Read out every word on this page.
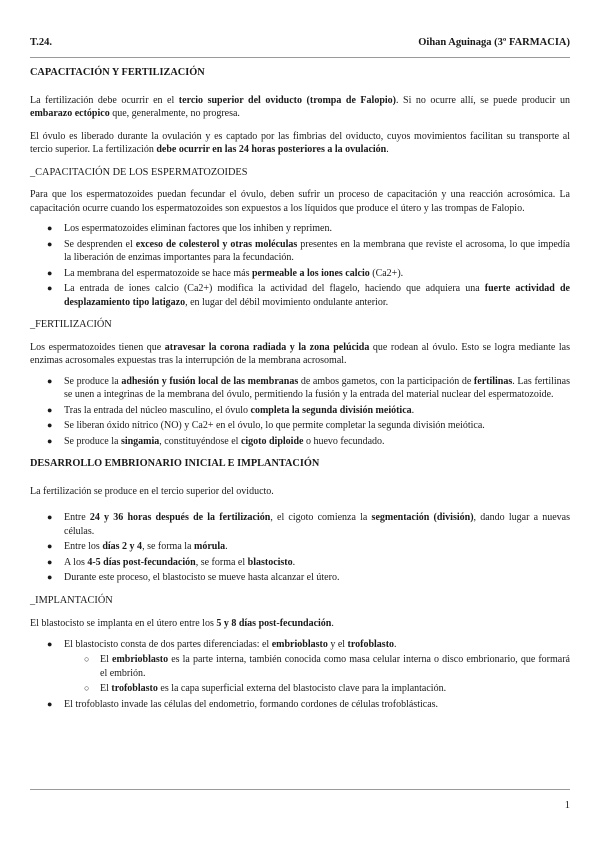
T.24.	Oihan Aguinaga (3º FARMACIA)

CAPACITACIÓN Y FERTILIZACIÓN

La fertilización debe ocurrir en el tercio superior del oviducto (trompa de Falopio). Si no ocurre allí, se puede producir un embarazo ectópico que, generalmente, no progresa.

El óvulo es liberado durante la ovulación y es captado por las fimbrias del oviducto, cuyos movimientos facilitan su transporte al tercio superior. La fertilización debe ocurrir en las 24 horas posteriores a la ovulación.

_CAPACITACIÓN DE LOS ESPERMATOZOIDES

Para que los espermatozoides puedan fecundar el óvulo, deben sufrir un proceso de capacitación y una reacción acrosómica. La capacitación ocurre cuando los espermatozoides son expuestos a los líquidos que produce el útero y las trompas de Falopio.

● Los espermatozoides eliminan factores que los inhiben y reprimen.
● Se desprenden el exceso de colesterol y otras moléculas presentes en la membrana que reviste el acrosoma, lo que impedía la liberación de enzimas importantes para la fecundación.
● La membrana del espermatozoide se hace más permeable a los iones calcio (Ca2+).
● La entrada de iones calcio (Ca2+) modifica la actividad del flagelo, haciendo que adquiera una fuerte actividad de desplazamiento tipo latigazo, en lugar del débil movimiento ondulante anterior.

_FERTILIZACIÓN

Los espermatozoides tienen que atravesar la corona radiada y la zona pelúcida que rodean al óvulo. Esto se logra mediante las enzimas acrosomales expuestas tras la interrupción de la membrana acrosomal.

● Se produce la adhesión y fusión local de las membranas de ambos gametos, con la participación de fertilinas. Las fertilinas se unen a integrinas de la membrana del óvulo, permitiendo la fusión y la entrada del material nuclear del espermatozoide.
● Tras la entrada del núcleo masculino, el óvulo completa la segunda división meiótica.
● Se liberan óxido nítrico (NO) y Ca2+ en el óvulo, lo que permite completar la segunda división meiótica.
● Se produce la singamia, constituyéndose el cigoto diploide o huevo fecundado.

DESARROLLO EMBRIONARIO INICIAL E IMPLANTACIÓN

La fertilización se produce en el tercio superior del oviducto.

● Entre 24 y 36 horas después de la fertilización, el cigoto comienza la segmentación (división), dando lugar a nuevas células.
● Entre los días 2 y 4, se forma la mórula.
● A los 4-5 días post-fecundación, se forma el blastocisto.
● Durante este proceso, el blastocisto se mueve hasta alcanzar el útero.

_IMPLANTACIÓN

El blastocisto se implanta en el útero entre los 5 y 8 días post-fecundación.

● El blastocisto consta de dos partes diferenciadas: el embrioblasto y el trofoblasto.
○ El embrioblasto es la parte interna, también conocida como masa celular interna o disco embrionario, que formará el embrión.
○ El trofoblasto es la capa superficial externa del blastocisto clave para la implantación.
● El trofoblasto invade las células del endometrio, formando cordones de células trofoblásticas.
1
